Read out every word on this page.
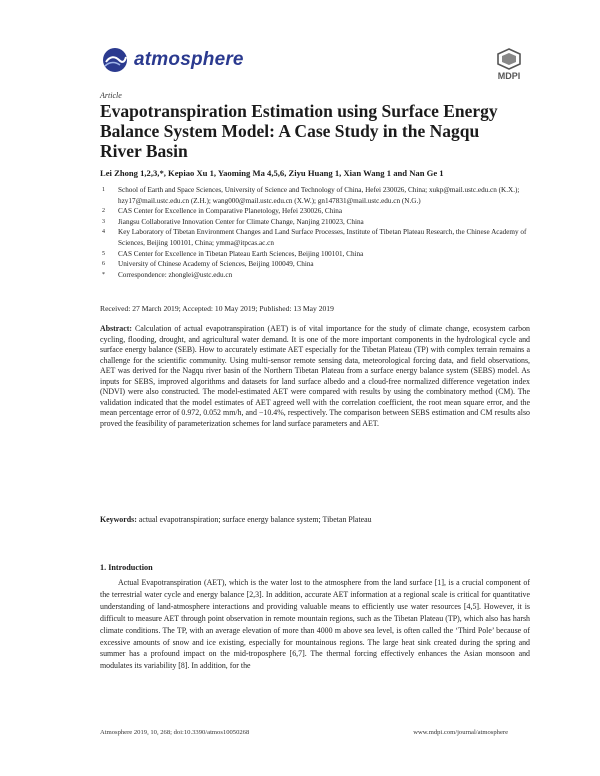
atmosphere
MDPI
Article
Evapotranspiration Estimation using Surface Energy Balance System Model: A Case Study in the Nagqu River Basin
Lei Zhong 1,2,3,*, Kepiao Xu 1, Yaoming Ma 4,5,6, Ziyu Huang 1, Xian Wang 1 and Nan Ge 1
1	School of Earth and Space Sciences, University of Science and Technology of China, Hefei 230026, China; xukp@mail.ustc.edu.cn (K.X.); hzy17@mail.ustc.edu.cn (Z.H.); wang000@mail.ustc.edu.cn (X.W.); gn147831@mail.ustc.edu.cn (N.G.)
2	CAS Center for Excellence in Comparative Planetology, Hefei 230026, China
3	Jiangsu Collaborative Innovation Center for Climate Change, Nanjing 210023, China
4	Key Laboratory of Tibetan Environment Changes and Land Surface Processes, Institute of Tibetan Plateau Research, the Chinese Academy of Sciences, Beijing 100101, China; ymma@itpcas.ac.cn
5	CAS Center for Excellence in Tibetan Plateau Earth Sciences, Beijing 100101, China
6	University of Chinese Academy of Sciences, Beijing 100049, China
*	Correspondence: zhonglei@ustc.edu.cn
Received: 27 March 2019; Accepted: 10 May 2019; Published: 13 May 2019

Abstract: Calculation of actual evapotranspiration (AET) is of vital importance for the study of climate change, ecosystem carbon cycling, flooding, drought, and agricultural water demand. It is one of the more important components in the hydrological cycle and surface energy balance (SEB). How to accurately estimate AET especially for the Tibetan Plateau (TP) with complex terrain remains a challenge for the scientific community. Using multi-sensor remote sensing data, meteorological forcing data, and field observations, AET was derived for the Nagqu river basin of the Northern Tibetan Plateau from a surface energy balance system (SEBS) model. As inputs for SEBS, improved algorithms and datasets for land surface albedo and a cloud-free normalized difference vegetation index (NDVI) were also constructed. The model-estimated AET were compared with results by using the combinatory method (CM). The validation indicated that the model estimates of AET agreed well with the correlation coefficient, the root mean square error, and the mean percentage error of 0.972, 0.052 mm/h, and −10.4%, respectively. The comparison between SEBS estimation and CM results also proved the feasibility of parameterization schemes for land surface parameters and AET.

Keywords: actual evapotranspiration; surface energy balance system; Tibetan Plateau

1. Introduction

Actual Evapotranspiration (AET), which is the water lost to the atmosphere from the land surface [1], is a crucial component of the terrestrial water cycle and energy balance [2,3]. In addition, accurate AET information at a regional scale is critical for quantitative understanding of land-atmosphere interactions and providing valuable means to efficiently use water resources [4,5]. However, it is difficult to measure AET through point observation in remote mountain regions, such as the Tibetan Plateau (TP), which also has harsh climate conditions. The TP, with an average elevation of more than 4000 m above sea level, is often called the ‘Third Pole’ because of excessive amounts of snow and ice existing, especially for mountainous regions. The large heat sink created during the spring and summer has a profound impact on the mid-troposphere [6,7]. The thermal forcing effectively enhances the Asian monsoon and modulates its variability [8]. In addition, for the

Atmosphere 2019, 10, 268; doi:10.3390/atmos10050268	www.mdpi.com/journal/atmosphere
